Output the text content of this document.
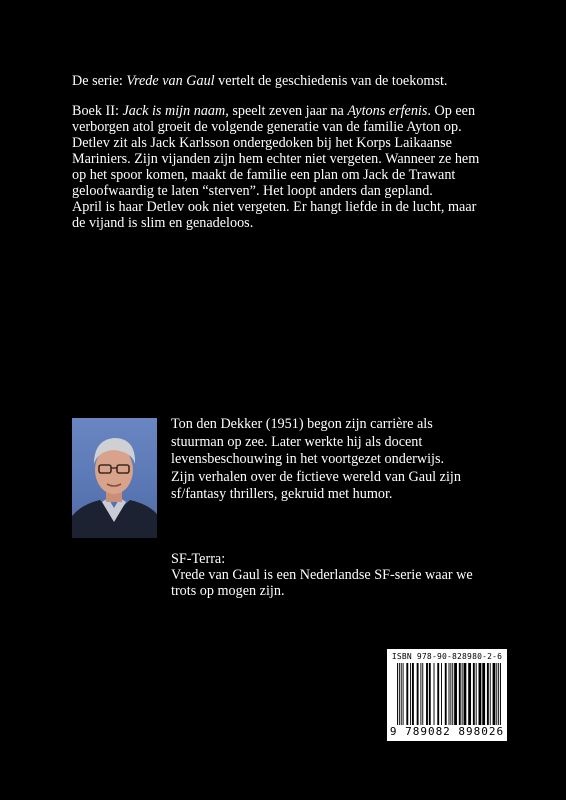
De serie: Vrede van Gaul vertelt de geschiedenis van de toekomst.
Boek II: Jack is mijn naam, speelt zeven jaar na Aytons erfenis. Op een
verborgen atol groeit de volgende generatie van de familie Ayton op.
Detlev zit als Jack Karlsson ondergedoken bij het Korps Laikaanse
Mariniers. Zijn vijanden zijn hem echter niet vergeten. Wanneer ze hem
op het spoor komen, maakt de familie een plan om Jack de Trawant
geloofwaardig te laten “sterven”. Het loopt anders dan gepland.
April is haar Detlev ook niet vergeten. Er hangt liefde in de lucht, maar
de vijand is slim en genadeloos.
Ton den Dekker (1951) begon zijn carrière als
stuurman op zee. Later werkte hij als docent
levensbeschouwing in het voortgezet onderwijs.
Zijn verhalen over de fictieve wereld van Gaul zijn
sf/fantasy thrillers, gekruid met humor.
SF-Terra:
Vrede van Gaul is een Nederlandse SF-serie waar we
trots op mogen zijn.
ISBN 978-90-828980-2-6
9 789082 898026
